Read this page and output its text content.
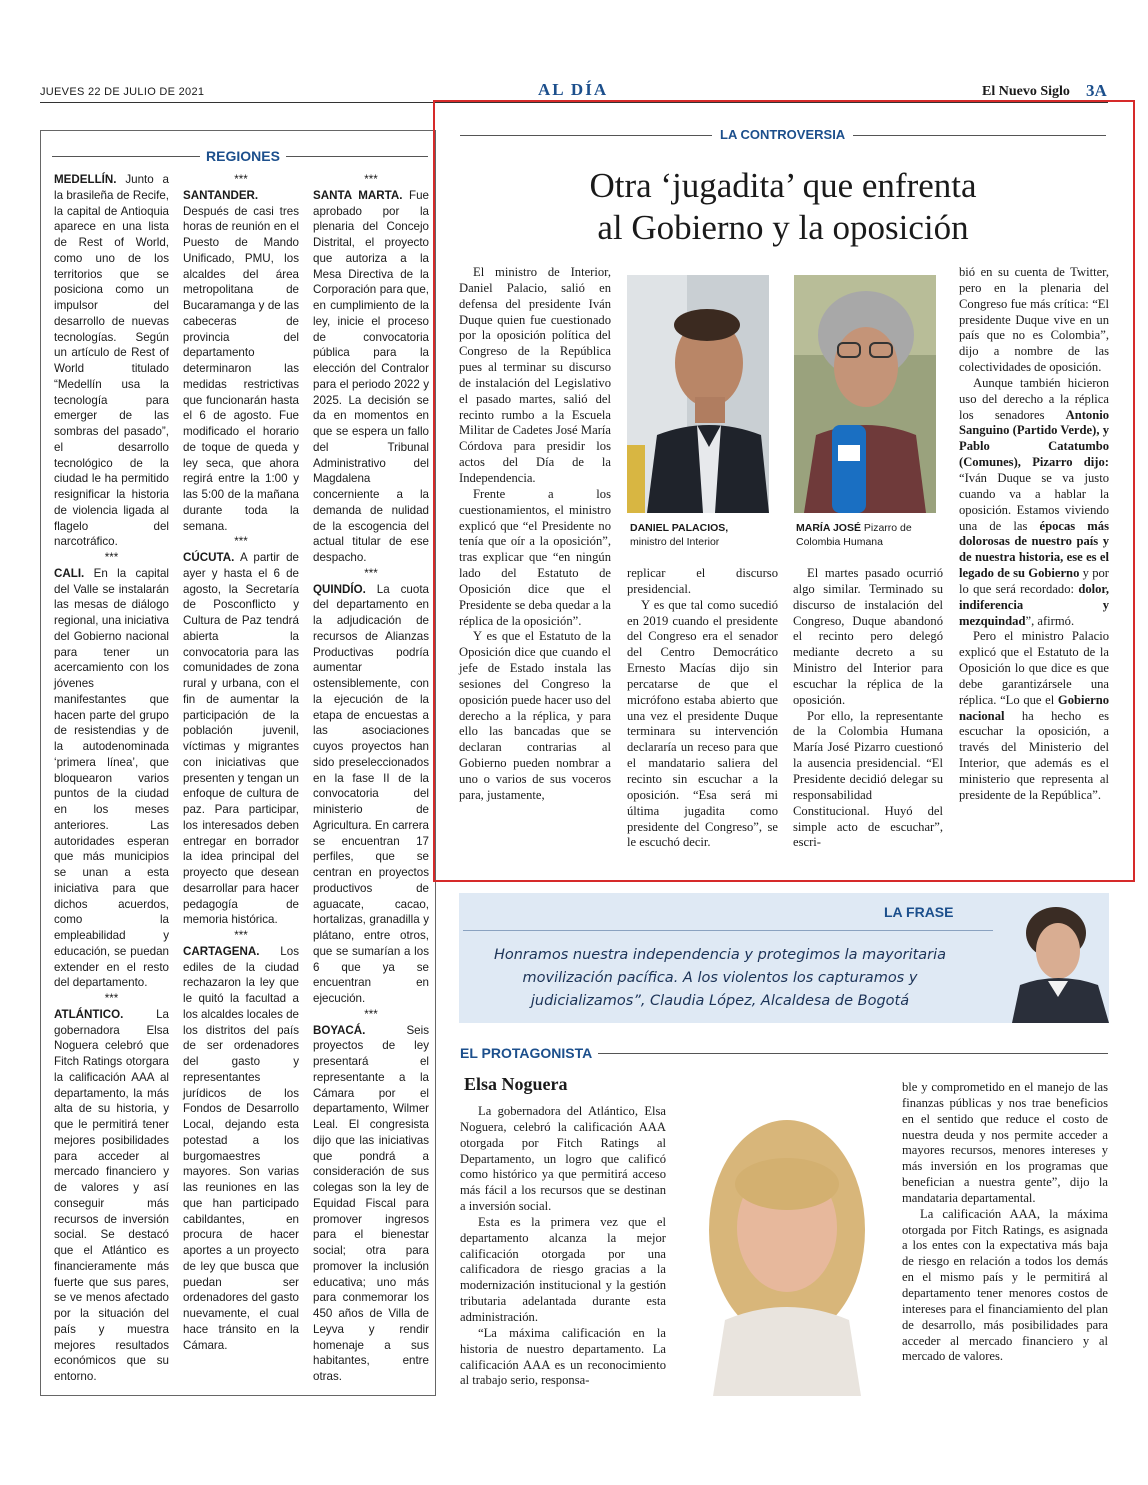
JUEVES 22 DE JULIO DE 2021	AL DÍA	El Nuevo Siglo 3A
REGIONES

MEDELLÍN. Junto a la brasileña de Recife, la capital de Antioquia aparece en una lista de Rest of World, como uno de los territorios que se posiciona como un impulsor del desarrollo de nuevas tecnologías. Según un artículo de Rest of World titulado “Medellín usa la tecnología para emerger de las sombras del pasado”, el desarrollo tecnológico de la ciudad le ha permitido resignificar la historia de violencia ligada al flagelo del narcotráfico.

***

CALI. En la capital del Valle se instalarán las mesas de diálogo regional, una iniciativa del Gobierno nacional para tener un acercamiento con los jóvenes manifestantes que hacen parte del grupo de resistendias y de la autodenominada ‘primera línea’, que bloquearon varios puntos de la ciudad en los meses anteriores. Las autoridades esperan que más municipios se unan a esta iniciativa para que dichos acuerdos, como la empleabilidad y educación, se puedan extender en el resto del departamento.

***

ATLÁNTICO. La gobernadora Elsa Noguera celebró que Fitch Ratings otorgara la calificación AAA al departamento, la más alta de su historia, y que le permitirá tener mejores posibilidades para acceder al mercado financiero y de valores y así conseguir más recursos de inversión social. Se destacó que el Atlántico es financieramente más fuerte que sus pares, se ve menos afectado por la situación del país y muestra mejores resultados económicos que su entorno.

***

SANTANDER. Después de casi tres horas de reunión en el Puesto de Mando Unificado, PMU, los alcaldes del área metropolitana de Bucaramanga y de las cabeceras de provincia del departamento determinaron las medidas restrictivas que funcionarán hasta el 6 de agosto. Fue modificado el horario de toque de queda y ley seca, que ahora regirá entre la 1:00 y las 5:00 de la mañana durante toda la semana.

***

CÚCUTA. A partir de ayer y hasta el 6 de agosto, la Secretaría de Posconflicto y Cultura de Paz tendrá abierta la convocatoria para las comunidades de zona rural y urbana, con el fin de aumentar la participación de la población juvenil, víctimas y migrantes con iniciativas que presenten y tengan un enfoque de cultura de paz. Para participar, los interesados deben entregar en borrador la idea principal del proyecto que desean desarrollar para hacer pedagogía de memoria histórica.

***

CARTAGENA. Los ediles de la ciudad rechazaron la ley que le quitó la facultad a los alcaldes locales de los distritos del país de ser ordenadores del gasto y representantes jurídicos de los Fondos de Desarrollo Local, dejando esta potestad a los burgomaestres mayores. Son varias las reuniones en las que han participado cabildantes, en procura de hacer aportes a un proyecto de ley que busca que puedan ser ordenadores del gasto nuevamente, el cual hace tránsito en la Cámara.

***

SANTA MARTA. Fue aprobado por la plenaria del Concejo Distrital, el proyecto que autoriza a la Mesa Directiva de la Corporación para que, en cumplimiento de la ley, inicie el proceso de convocatoria pública para la elección del Contralor para el periodo 2022 y 2025. La decisión se da en momentos en que se espera un fallo del Tribunal Administrativo del Magdalena concerniente a la demanda de nulidad de la escogencia del actual titular de ese despacho.

***

QUINDÍO. La cuota del departamento en la adjudicación de recursos de Alianzas Productivas podría aumentar ostensiblemente, con la ejecución de la etapa de encuestas a las asociaciones cuyos proyectos han sido preseleccionados en la fase II de la convocatoria del ministerio de Agricultura. En carrera se encuentran 17 perfiles, que se centran en proyectos productivos de aguacate, cacao, hortalizas, granadilla y plátano, entre otros, que se sumarían a los 6 que ya se encuentran en ejecución.

***

BOYACÁ. Seis proyectos de ley presentará el representante a la Cámara por el departamento, Wilmer Leal. El congresista dijo que las iniciativas que pondrá a consideración de sus colegas son la ley de Equidad Fiscal para promover ingresos para el bienestar social; otra para promover la inclusión educativa; uno más para conmemorar los 450 años de Villa de Leyva y rendir homenaje a sus habitantes, entre otras.

LA CONTROVERSIA
Otra ‘jugadita’ que enfrenta
al Gobierno y la oposición

El ministro de Interior, Daniel Palacio, salió en defensa del presidente Iván Duque quien fue cuestionado por la oposición política del Congreso de la República pues al terminar su discurso de instalación del Legislativo el pasado martes, salió del recinto rumbo a la Escuela Militar de Cadetes José María Córdova para presidir los actos del Día de la Independencia.

Frente a los cuestionamientos, el ministro explicó que “el Presidente no tenía que oír a la oposición”, tras explicar que “en ningún lado del Estatuto de Oposición dice que el Presidente se deba quedar a la réplica de la oposición”.

Y es que el Estatuto de la Oposición dice que cuando el jefe de Estado instala las sesiones del Congreso la oposición puede hacer uso del derecho a la réplica, y para ello las bancadas que se declaran contrarias al Gobierno pueden nombrar a uno o varios de sus voceros para, justamente,

DANIEL PALACIOS,
ministro del Interior
MARÍA JOSÉ Pizarro de Colombia Humana

replicar el discurso presidencial.

Y es que tal como sucedió en 2019 cuando el presidente del Congreso era el senador del Centro Democrático Ernesto Macías dijo sin percatarse de que el micrófono estaba abierto que una vez el presidente Duque terminara su intervención declararía un receso para que el mandatario saliera del recinto sin escuchar a la oposición. “Esa será mi última jugadita como presidente del Congreso”, se le escuchó decir.

El martes pasado ocurrió algo similar. Terminado su discurso de instalación del Congreso, Duque abandonó el recinto pero delegó mediante decreto a su Ministro del Interior para escuchar la réplica de la oposición.

Por ello, la representante de la Colombia Humana María José Pizarro cuestionó la ausencia presidencial. “El Presidente decidió delegar su responsabilidad Constitucional. Huyó del simple acto de escuchar”, escri-

bió en su cuenta de Twitter, pero en la plenaria del Congreso fue más crítica: “El presidente Duque vive en un país que no es Colombia”, dijo a nombre de las colectividades de oposición.

Aunque también hicieron uso del derecho a la réplica los senadores Antonio Sanguino (Partido Verde), y Pablo Catatumbo (Comunes), Pizarro dijo: “Iván Duque se va justo cuando va a hablar la oposición. Estamos viviendo una de las épocas más dolorosas de nuestro país y de nuestra historia, ese es el legado de su Gobierno y por lo que será recordado: dolor, indiferencia y mezquindad”, afirmó.

Pero el ministro Palacio explicó que el Estatuto de la Oposición lo que dice es que debe garantizársele una réplica. “Lo que el Gobierno nacional ha hecho es escuchar la oposición, a través del Ministerio del Interior, que además es el ministerio que representa al presidente de la República”.

LA FRASE
Honramos nuestra independencia y protegimos la mayoritaria
movilización pacífica. A los violentos los capturamos y
judicializamos”, Claudia López, Alcaldesa de Bogotá
EL PROTAGONISTA
Elsa Noguera

La gobernadora del Atlántico, Elsa Noguera, celebró la calificación AAA otorgada por Fitch Ratings al Departamento, un logro que calificó como histórico ya que permitirá acceso más fácil a los recursos que se destinan a inversión social.

Esta es la primera vez que el departamento alcanza la mejor calificación otorgada por una calificadora de riesgo gracias a la modernización institucional y la gestión tributaria adelantada durante esta administración.

“La máxima calificación en la historia de nuestro departamento. La calificación AAA es un reconocimiento al trabajo serio, responsa-

ble y comprometido en el manejo de las finanzas públicas y nos trae beneficios en el sentido que reduce el costo de nuestra deuda y nos permite acceder a mayores recursos, menores intereses y más inversión en los programas que benefician a nuestra gente”, dijo la mandataria departamental.

La calificación AAA, la máxima otorgada por Fitch Ratings, es asignada a los entes con la expectativa más baja de riesgo en relación a todos los demás en el mismo país y le permitirá al departamento tener menores costos de intereses para el financiamiento del plan de desarrollo, más posibilidades para acceder al mercado financiero y al mercado de valores.
